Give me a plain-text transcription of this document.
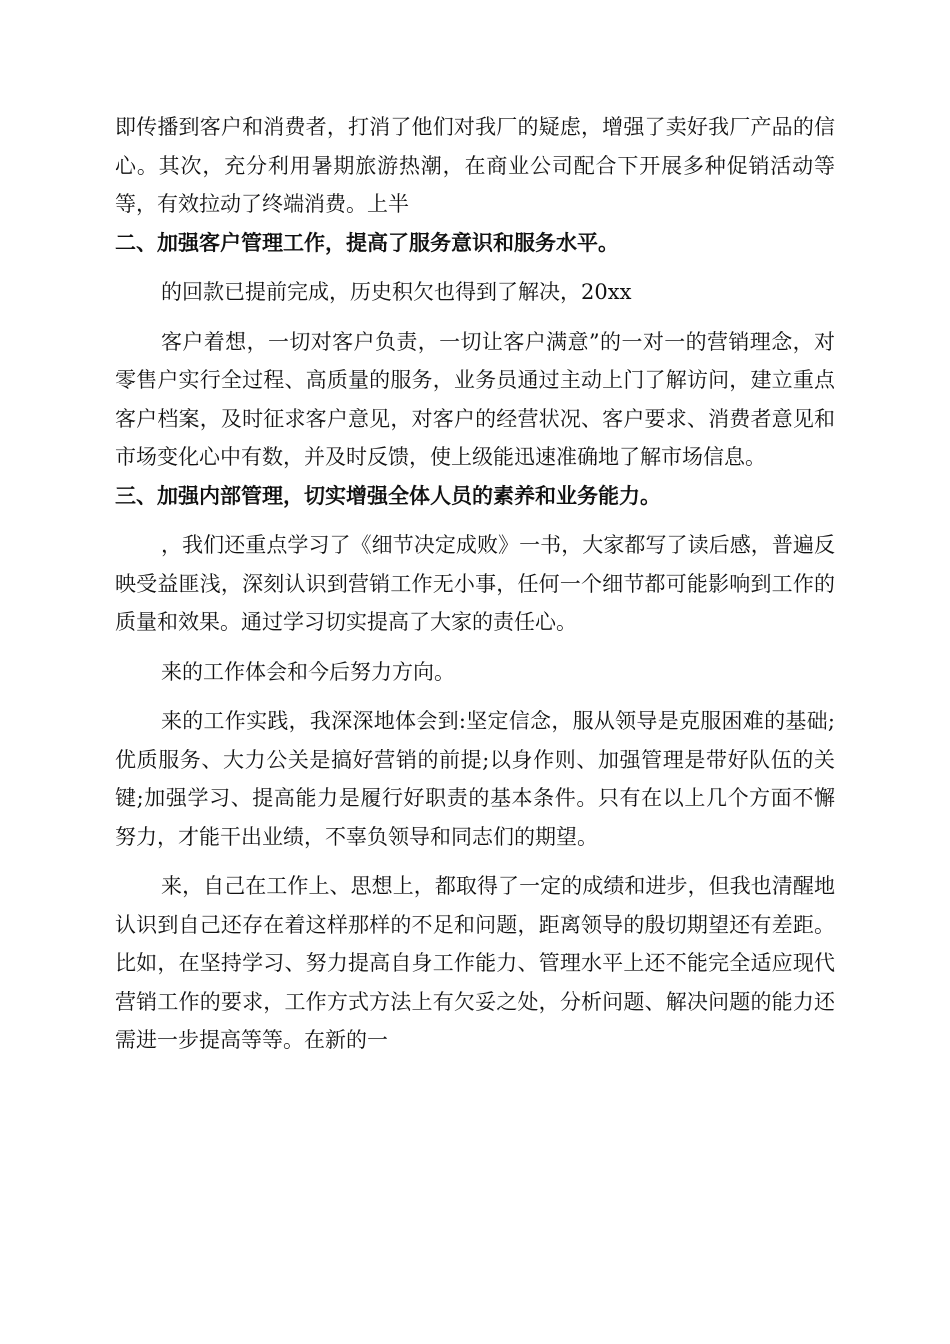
即传播到客户和消费者，打消了他们对我厂的疑虑，增强了卖好我厂产品的信心。其次，充分利用暑期旅游热潮，在商业公司配合下开展多种促销活动等等，有效拉动了终端消费。上半

二、加强客户管理工作，提高了服务意识和服务水平。

的回款已提前完成，历史积欠也得到了解决，20xx

客户着想，一切对客户负责，一切让客户满意”的一对一的营销理念，对零售户实行全过程、高质量的服务，业务员通过主动上门了解访问，建立重点客户档案，及时征求客户意见，对客户的经营状况、客户要求、消费者意见和市场变化心中有数，并及时反馈，使上级能迅速准确地了解市场信息。

三、加强内部管理，切实增强全体人员的素养和业务能力。

，我们还重点学习了《细节决定成败》一书，大家都写了读后感，普遍反映受益匪浅，深刻认识到营销工作无小事，任何一个细节都可能影响到工作的质量和效果。通过学习切实提高了大家的责任心。

来的工作体会和今后努力方向。

来的工作实践，我深深地体会到:坚定信念，服从领导是克服困难的基础;优质服务、大力公关是搞好营销的前提;以身作则、加强管理是带好队伍的关键;加强学习、提高能力是履行好职责的基本条件。只有在以上几个方面不懈努力，才能干出业绩，不辜负领导和同志们的期望。

来，自己在工作上、思想上，都取得了一定的成绩和进步，但我也清醒地认识到自己还存在着这样那样的不足和问题，距离领导的殷切期望还有差距。比如，在坚持学习、努力提高自身工作能力、管理水平上还不能完全适应现代营销工作的要求，工作方式方法上有欠妥之处，分析问题、解决问题的能力还需进一步提高等等。在新的一
